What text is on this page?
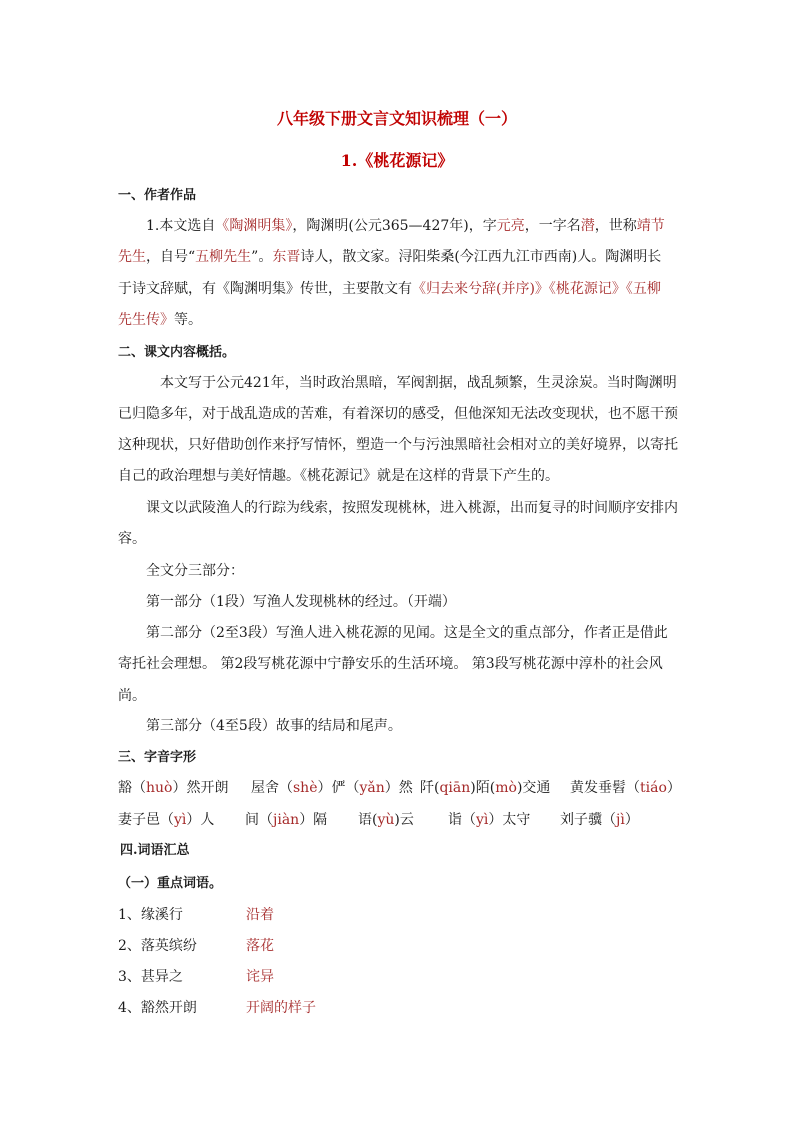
八年级下册文言文知识梳理（一）
1.《桃花源记》
一、作者作品
1.本文选自《陶渊明集》，陶渊明(公元365—427年)，字元亮，一字名潜，世称靖节
先生，自号“五柳先生”。东晋诗人，散文家。浔阳柴桑(今江西九江市西南)人。陶渊明长
于诗文辞赋，有《陶渊明集》传世，主要散文有《归去来兮辞(并序)》《桃花源记》《五柳
先生传》等。
二、课文内容概括。
本文写于公元421年，当时政治黑暗，军阀割据，战乱频繁，生灵涂炭。当时陶渊明
已归隐多年，对于战乱造成的苦难，有着深切的感受，但他深知无法改变现状，也不愿干预
这种现状，只好借助创作来抒写情怀，塑造一个与污浊黑暗社会相对立的美好境界，以寄托
自己的政治理想与美好情趣。《桃花源记》就是在这样的背景下产生的。
课文以武陵渔人的行踪为线索，按照发现桃林，进入桃源，出而复寻的时间顺序安排内
容。
全文分三部分：
第一部分（1段）写渔人发现桃林的经过。（开端）
第二部分（2至3段）写渔人进入桃花源的见闻。这是全文的重点部分，作者正是借此
寄托社会理想。 第2段写桃花源中宁静安乐的生活环境。 第3段写桃花源中淳朴的社会风
尚。
第三部分（4至5段）故事的结局和尾声。
三、字音字形
豁（huò）然开朗 屋舍（shè）俨（yǎn）然 阡(qiān)陌(mò)交通 黄发垂髫（tiáo）
妻子邑（yì）人 间（jiàn）隔 语(yù)云 诣（yì）太守 刘子骥（jì）
四.词语汇总
（一）重点词语。
1、缘溪行	沿着
2、落英缤纷	落花
3、甚异之	诧异
4、豁然开朗	开阔的样子
